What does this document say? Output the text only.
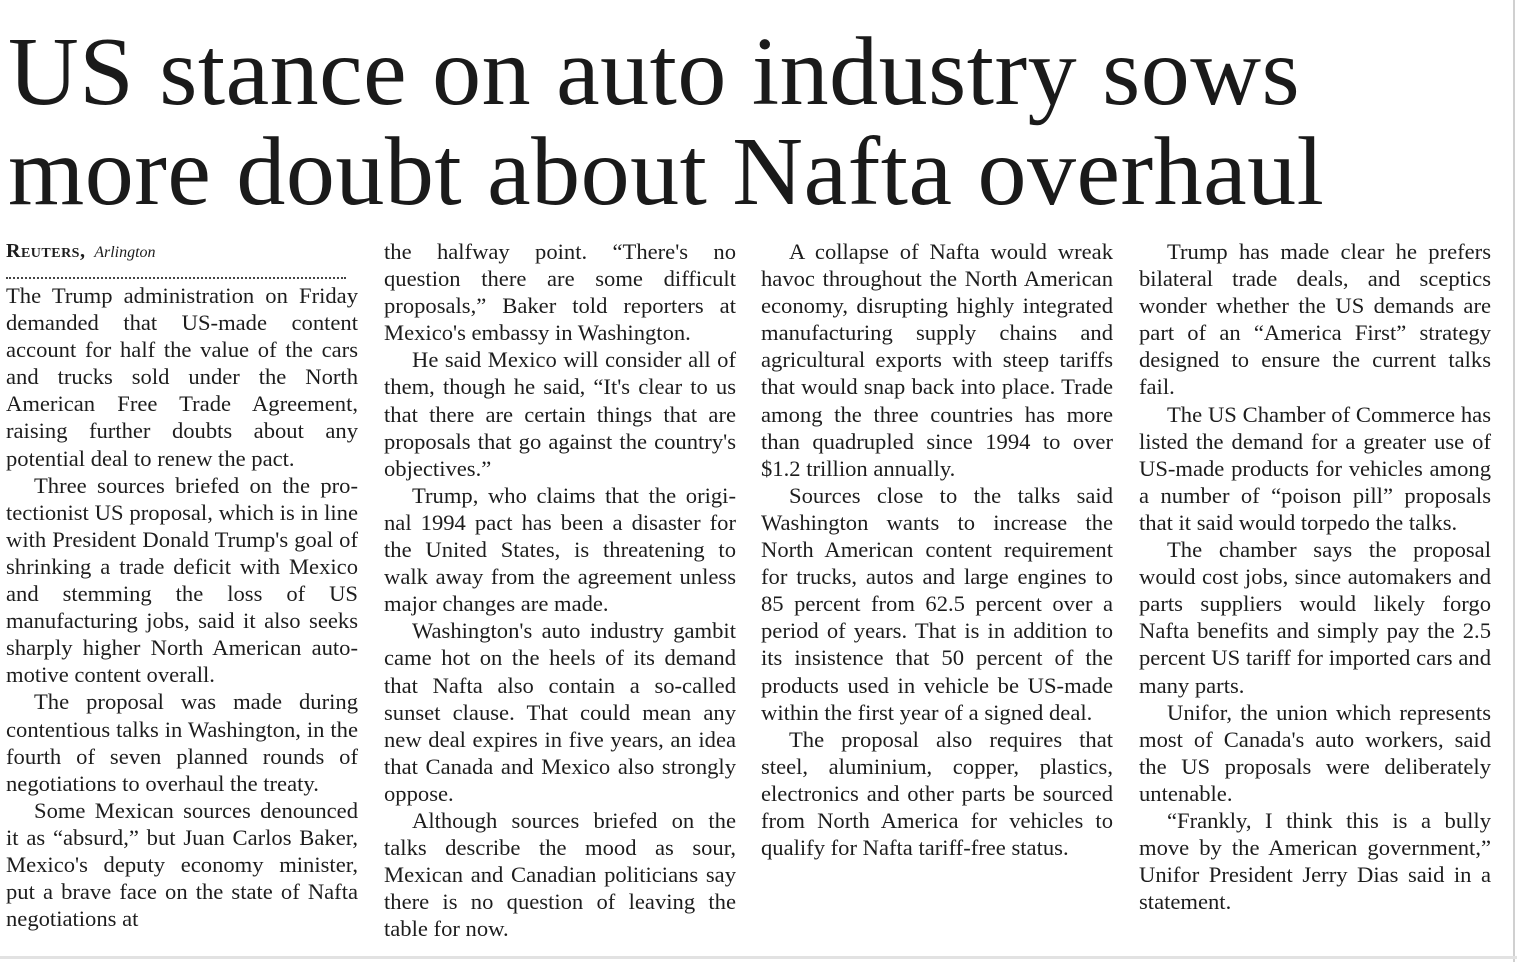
US stance on auto industry sows
more doubt about Nafta overhaul
Reuters, Arlington

The Trump administration on Friday demanded that US-made content account for half the value of the cars and trucks sold under the North American Free Trade Agreement, raising further doubts about any potential deal to renew the pact.

Three sources briefed on the protectionist US proposal, which is in line with President Donald Trump's goal of shrinking a trade deficit with Mexico and stemming the loss of US manufacturing jobs, said it also seeks sharply higher North American automotive content overall.

The proposal was made during contentious talks in Washington, in the fourth of seven planned rounds of negotiations to overhaul the treaty.

Some Mexican sources denounced it as “absurd,” but Juan Carlos Baker, Mexico's deputy economy minister, put a brave face on the state of Nafta negotiations at

the halfway point. “There's no question there are some difficult proposals,” Baker told reporters at Mexico's embassy in Washington.

He said Mexico will consider all of them, though he said, “It's clear to us that there are certain things that are proposals that go against the country's objectives.”

Trump, who claims that the original 1994 pact has been a disaster for the United States, is threatening to walk away from the agreement unless major changes are made.

Washington's auto industry gambit came hot on the heels of its demand that Nafta also contain a so-called sunset clause. That could mean any new deal expires in five years, an idea that Canada and Mexico also strongly oppose.

Although sources briefed on the talks describe the mood as sour, Mexican and Canadian politicians say there is no question of leaving the table for now.

A collapse of Nafta would wreak havoc throughout the North American economy, disrupting highly integrated manufacturing supply chains and agricultural exports with steep tariffs that would snap back into place. Trade among the three countries has more than quadrupled since 1994 to over $1.2 trillion annually.

Sources close to the talks said Washington wants to increase the North American content requirement for trucks, autos and large engines to 85 percent from 62.5 percent over a period of years. That is in addition to its insistence that 50 percent of the products used in vehicle be US-made within the first year of a signed deal.

The proposal also requires that steel, aluminium, copper, plastics, electronics and other parts be sourced from North America for vehicles to qualify for Nafta tariff-free status.

Trump has made clear he prefers bilateral trade deals, and sceptics wonder whether the US demands are part of an “America First” strategy designed to ensure the current talks fail.

The US Chamber of Commerce has listed the demand for a greater use of US-made products for vehicles among a number of “poison pill” proposals that it said would torpedo the talks.

The chamber says the proposal would cost jobs, since automakers and parts suppliers would likely forgo Nafta benefits and simply pay the 2.5 percent US tariff for imported cars and many parts.

Unifor, the union which represents most of Canada's auto workers, said the US proposals were deliberately untenable.

“Frankly, I think this is a bully move by the American government,” Unifor President Jerry Dias said in a statement.
